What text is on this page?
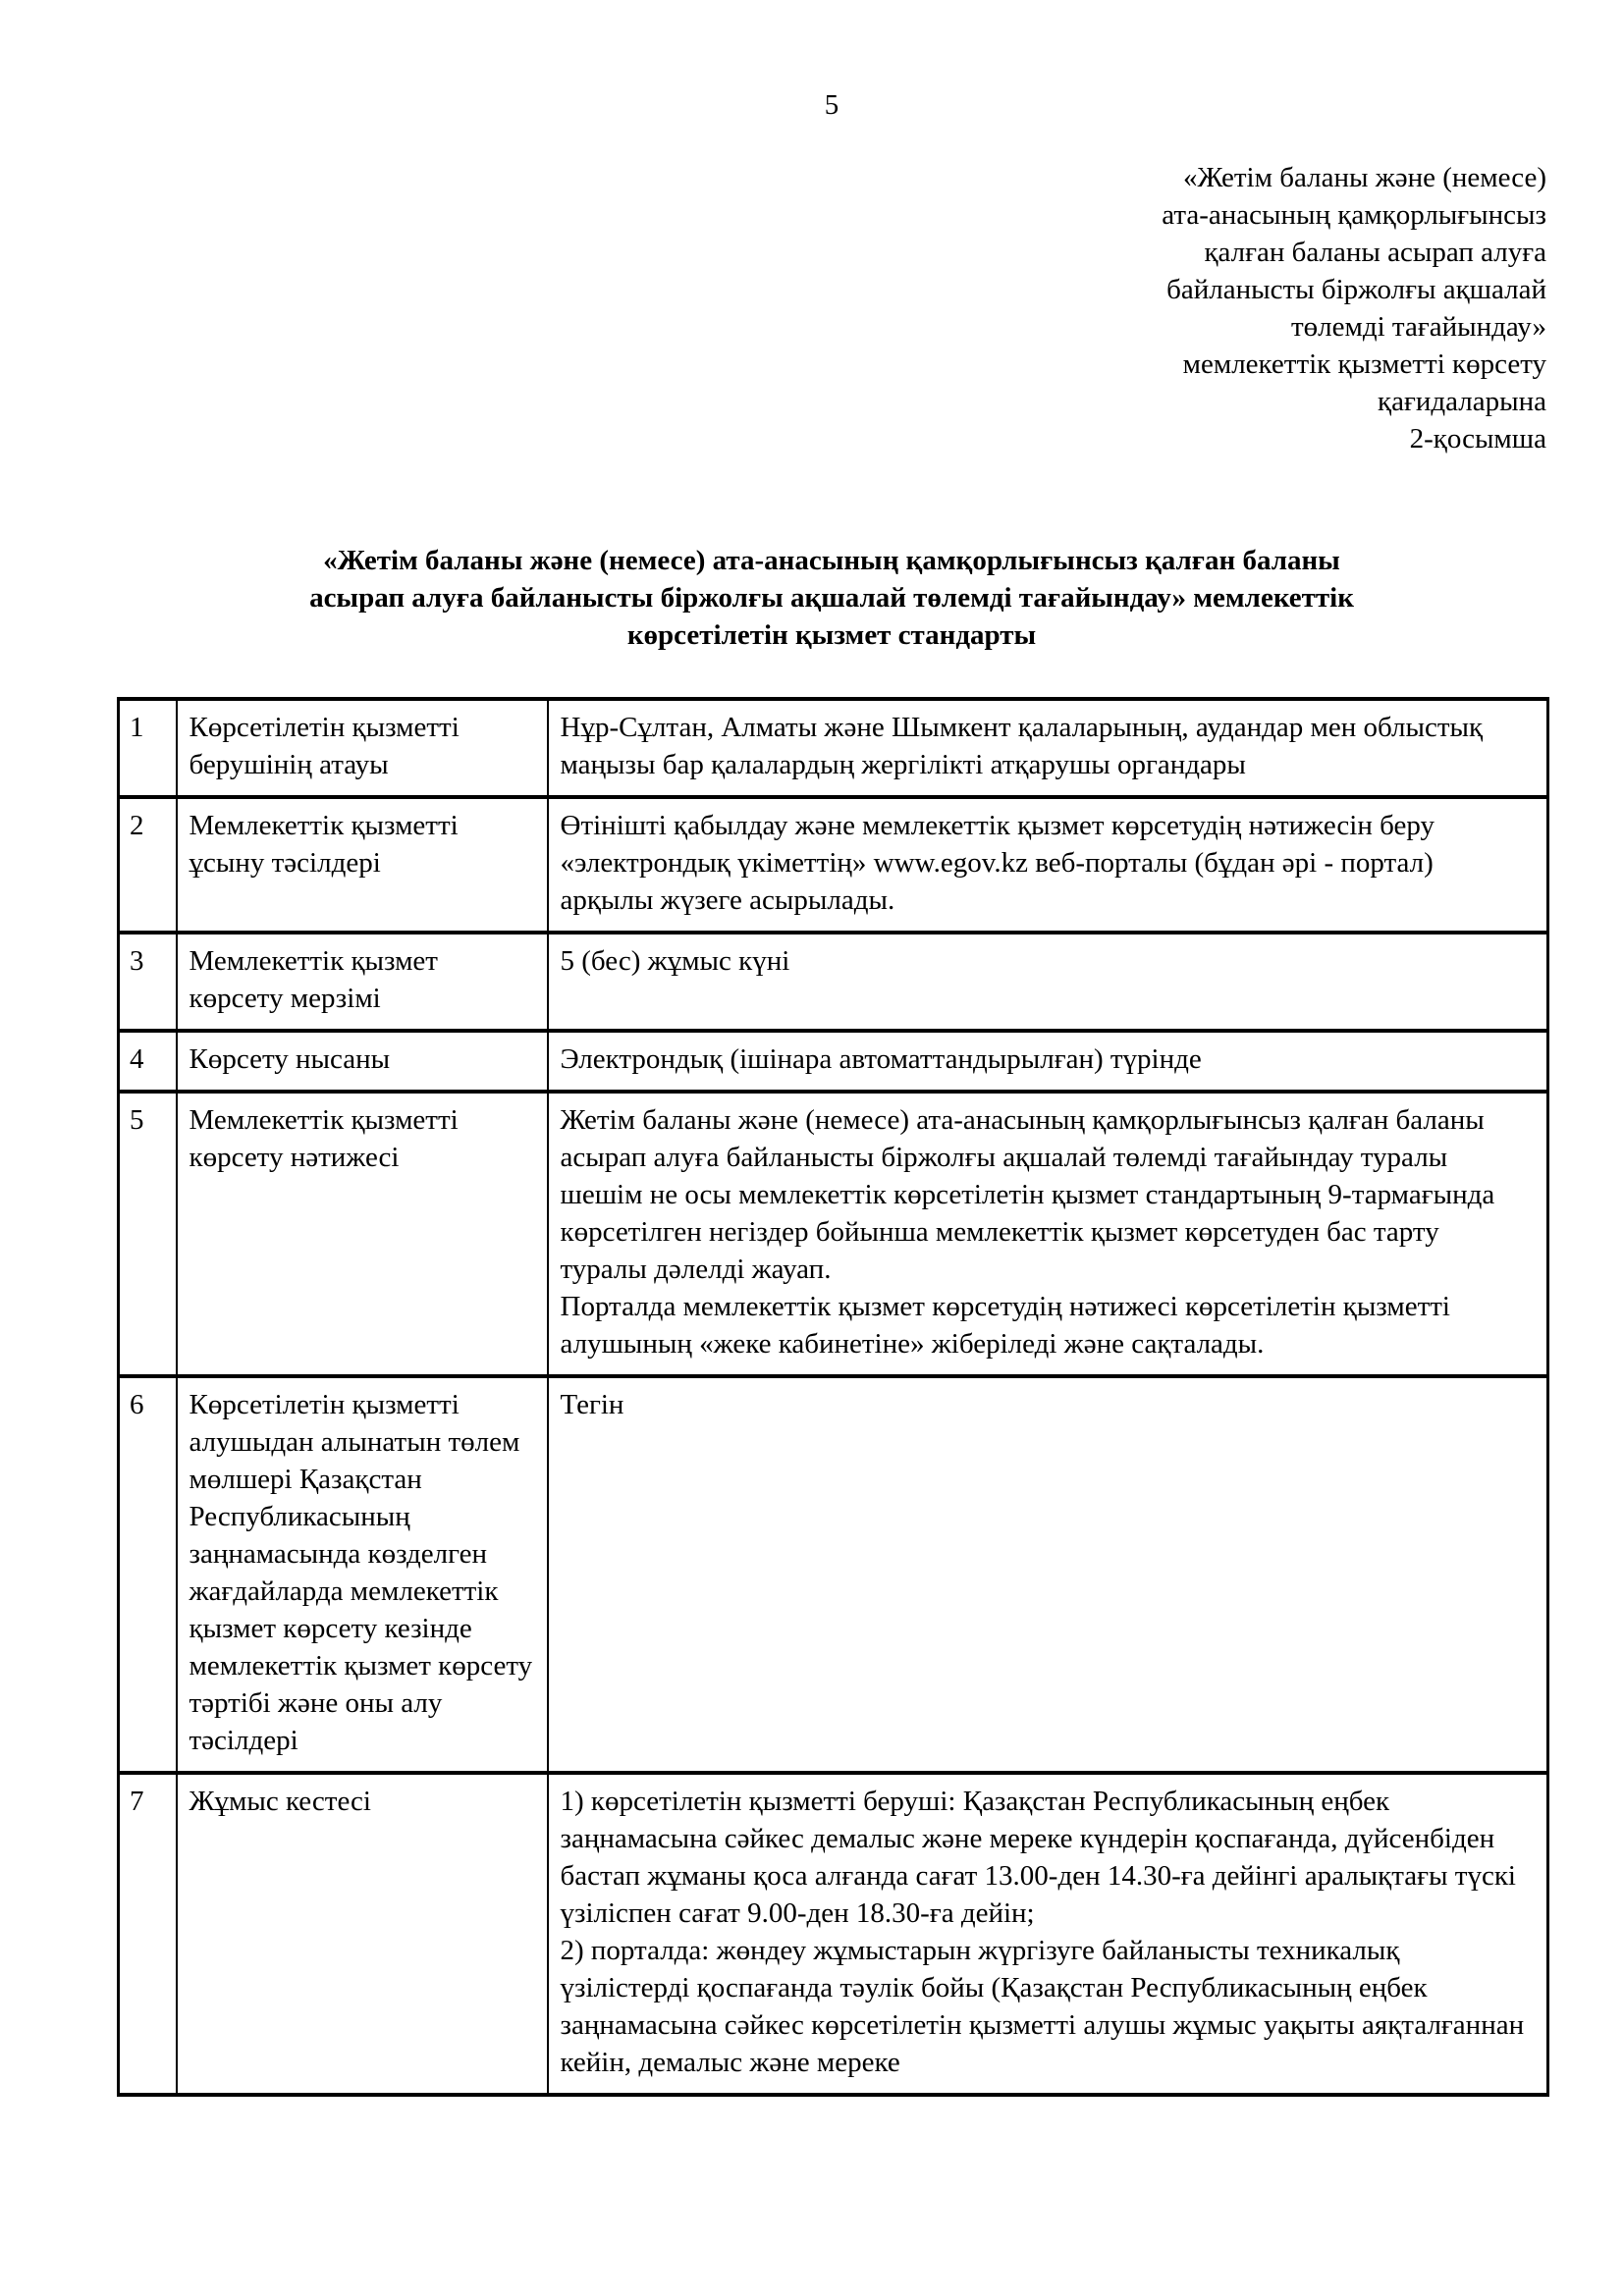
5
«Жетім баланы және (немесе)
ата-анасының қамқорлығынсыз
қалған баланы асырап алуға
байланысты біржолғы ақшалай
төлемді тағайындау»
мемлекеттік қызметті көрсету
қағидаларына
2-қосымша
«Жетім баланы және (немесе) ата-анасының қамқорлығынсыз қалған баланы
асырап алуға байланысты біржолғы ақшалай төлемді тағайындау» мемлекеттік
көрсетілетін қызмет стандарты
1	Көрсетілетін қызметті берушінің атауы	Нұр-Сұлтан, Алматы және Шымкент қалаларының, аудандар мен облыстық маңызы бар қалалардың жергілікті атқарушы органдары

2	Мемлекеттік қызметті ұсыну тәсілдері	Өтінішті қабылдау және мемлекеттік қызмет көрсетудің нәтижесін беру «электрондық үкіметтің» www.egov.kz веб-порталы (бұдан әрі - портал) арқылы жүзеге асырылады.

3	Мемлекеттік қызмет көрсету мерзімі	5 (бес) жұмыс күні

4	Көрсету нысаны	Электрондық (ішінара автоматтандырылған) түрінде

5	Мемлекеттік қызметті көрсету нәтижесі	Жетім баланы және (немесе) ата-анасының қамқорлығынсыз қалған баланы асырап алуға байланысты біржолғы ақшалай төлемді тағайындау туралы шешім не осы мемлекеттік көрсетілетін қызмет стандартының 9-тармағында көрсетілген негіздер бойынша мемлекеттік қызмет көрсетуден бас тарту туралы дәлелді жауап.

Порталда мемлекеттік қызмет көрсетудің нәтижесі көрсетілетін қызметті алушының «жеке кабинетіне» жіберіледі және сақталады.

6	Көрсетілетін қызметті алушыдан алынатын төлем мөлшері Қазақстан Республикасының заңнамасында көзделген жағдайларда мемлекеттік қызмет көрсету кезінде мемлекеттік қызмет көрсету тәртібі және оны алу тәсілдері	Тегін

7	Жұмыс кестесі	1) көрсетілетін қызметті беруші: Қазақстан Республикасының еңбек заңнамасына сәйкес демалыс және мереке күндерін қоспағанда, дүйсенбіден бастап жұманы қоса алғанда сағат 13.00-ден 14.30-ға дейінгі аралықтағы түскі үзіліспен сағат 9.00-ден 18.30-ға дейін;

2) порталда: жөндеу жұмыстарын жүргізуге байланысты техникалық үзілістерді қоспағанда тәулік бойы (Қазақстан Республикасының еңбек заңнамасына сәйкес көрсетілетін қызметті алушы жұмыс уақыты аяқталғаннан кейін, демалыс және мереке
